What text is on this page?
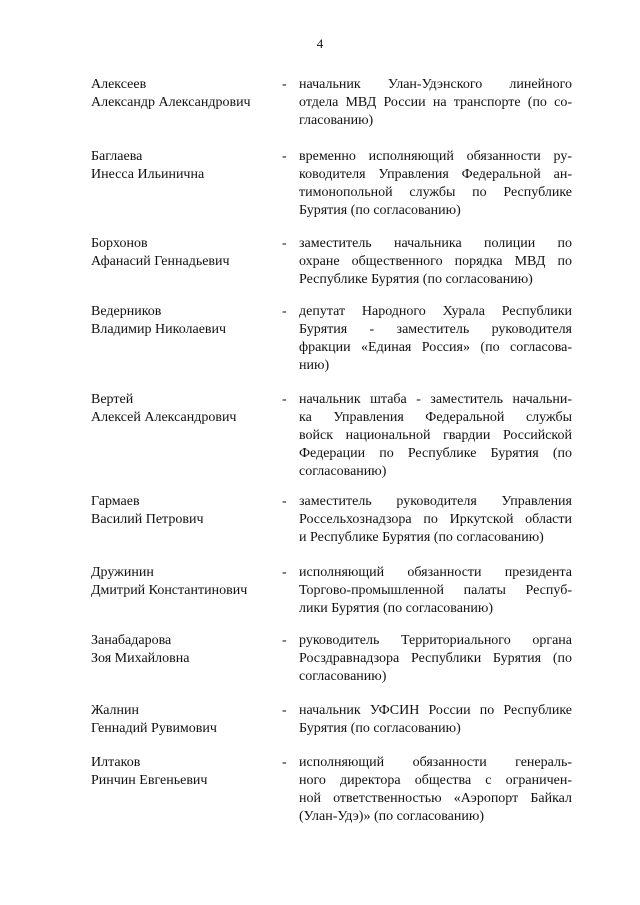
4
Алексеев
Александр Александрович
- начальник Улан-Удэнского линейного
отдела МВД России на транспорте (по со-
гласованию)
Баглаева
Инесса Ильинична
- временно исполняющий обязанности ру-
ководителя Управления Федеральной ан-
тимонопольной службы по Республике
Бурятия (по согласованию)
Борхонов
Афанасий Геннадьевич
- заместитель начальника полиции по
охране общественного порядка МВД по
Республике Бурятия (по согласованию)
Ведерников
Владимир Николаевич
- депутат Народного Хурала Республики
Бурятия - заместитель руководителя
фракции «Единая Россия» (по согласова-
нию)
Вертей
Алексей Александрович
- начальник штаба - заместитель начальни-
ка Управления Федеральной службы
войск национальной гвардии Российской
Федерации по Республике Бурятия (по
согласованию)
Гармаев
Василий Петрович
- заместитель руководителя Управления
Россельхознадзора по Иркутской области
и Республике Бурятия (по согласованию)
Дружинин
Дмитрий Константинович
- исполняющий обязанности президента
Торгово-промышленной палаты Респуб-
лики Бурятия (по согласованию)
Занабадарова
Зоя Михайловна
- руководитель Территориального органа
Росздравнадзора Республики Бурятия (по
согласованию)
Жалнин
Геннадий Рувимович
- начальник УФСИН России по Республике
Бурятия (по согласованию)
Илтаков
Ринчин Евгеньевич
- исполняющий обязанности генераль-
ного директора общества с ограничен-
ной ответственностью «Аэропорт Байкал
(Улан-Удэ)» (по согласованию)
